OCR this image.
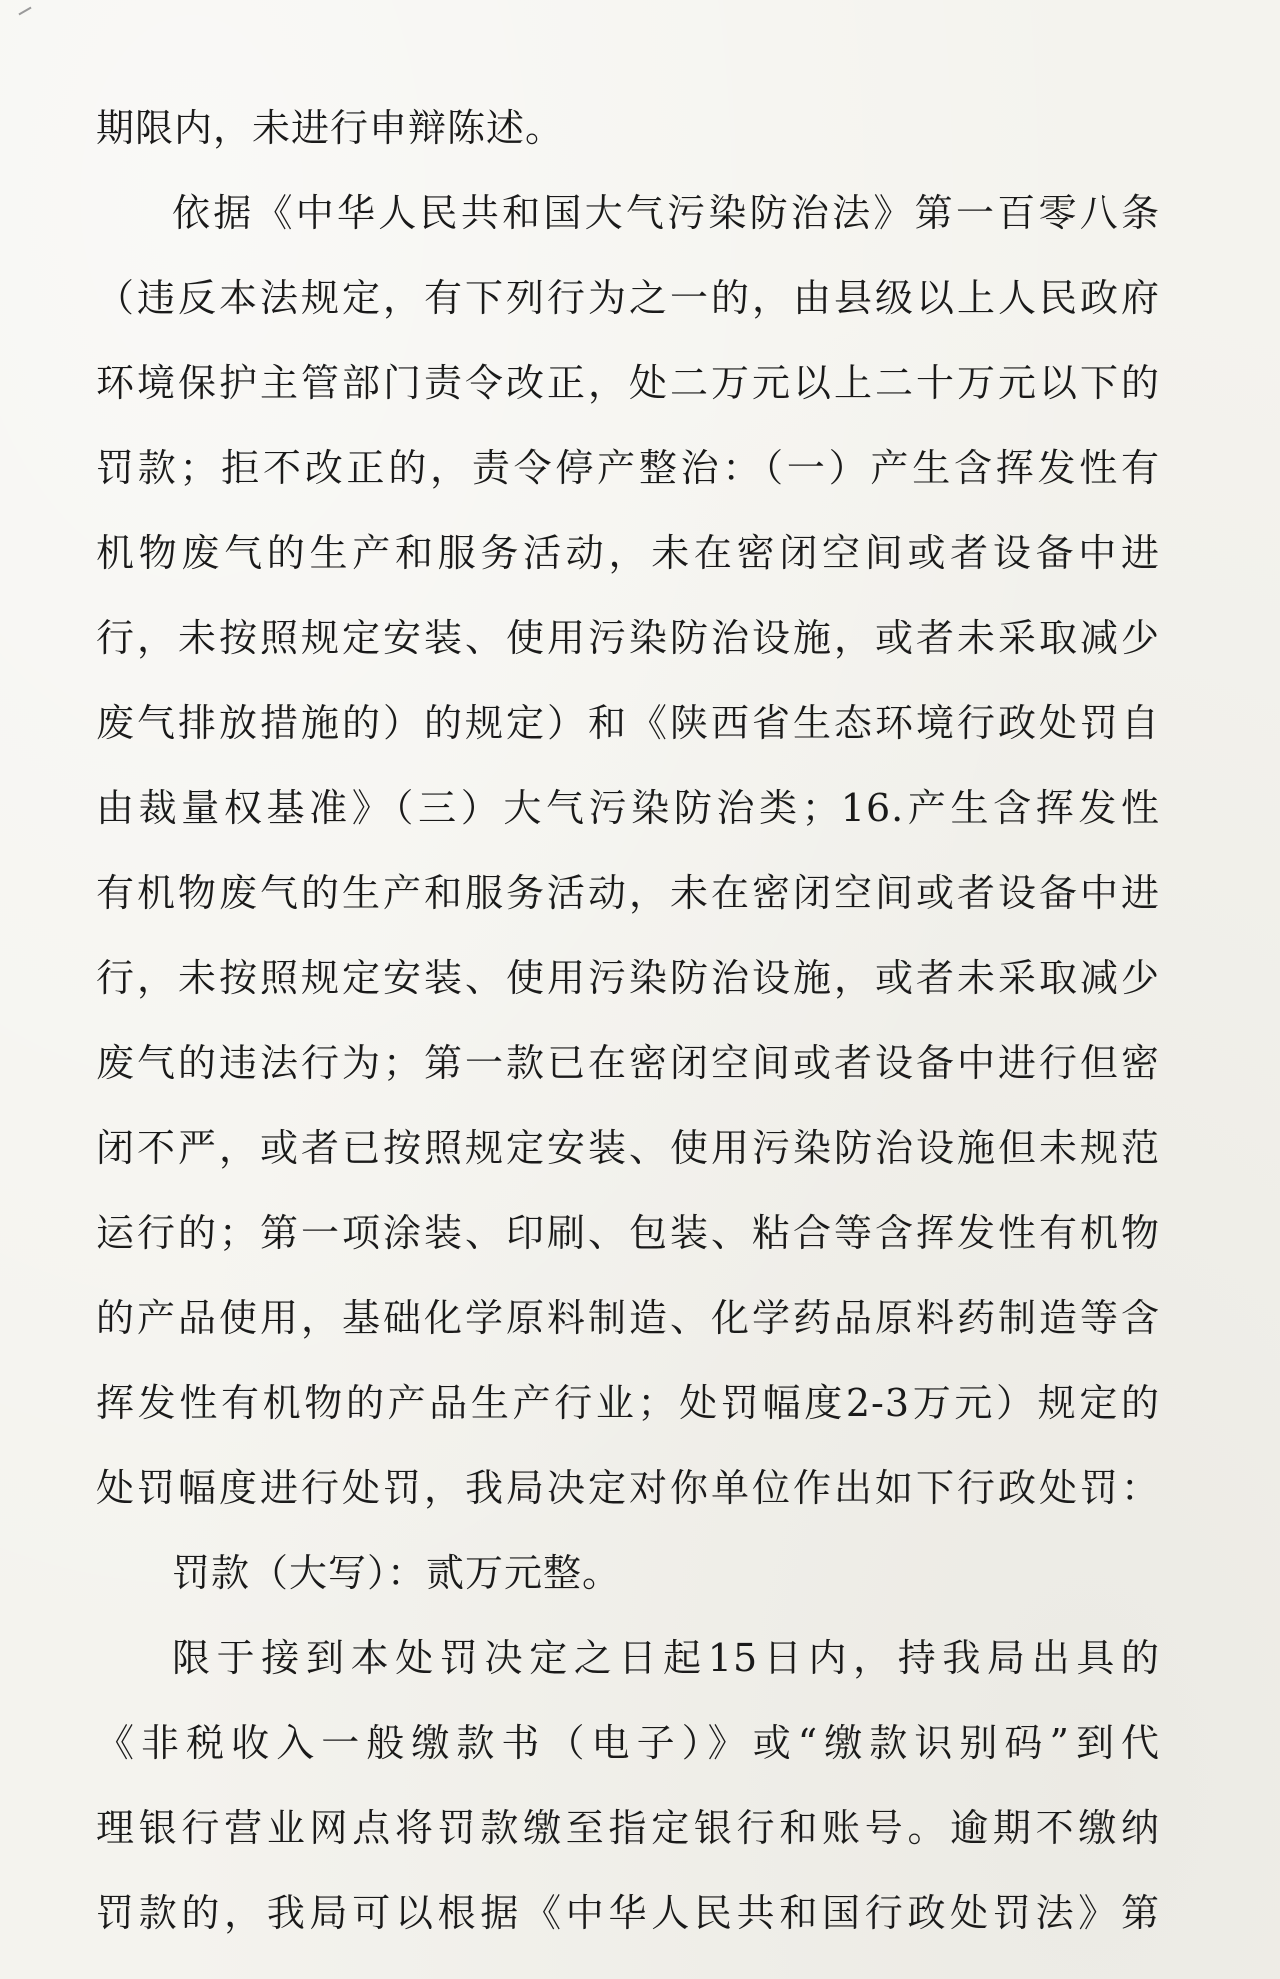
期限内，未进行申辩陈述。
依据《中华人民共和国大气污染防治法》第一百零八条
（违反本法规定，有下列行为之一的，由县级以上人民政府
环境保护主管部门责令改正，处二万元以上二十万元以下的
罚款；拒不改正的，责令停产整治：（一）产生含挥发性有
机物废气的生产和服务活动，未在密闭空间或者设备中进
行，未按照规定安装、使用污染防治设施，或者未采取减少
废气排放措施的）的规定）和《陕西省生态环境行政处罚自
由裁量权基准》（三）大气污染防治类；16.产生含挥发性
有机物废气的生产和服务活动，未在密闭空间或者设备中进
行，未按照规定安装、使用污染防治设施，或者未采取减少
废气的违法行为；第一款已在密闭空间或者设备中进行但密
闭不严，或者已按照规定安装、使用污染防治设施但未规范
运行的；第一项涂装、印刷、包装、粘合等含挥发性有机物
的产品使用，基础化学原料制造、化学药品原料药制造等含
挥发性有机物的产品生产行业；处罚幅度2-3万元）规定的
处罚幅度进行处罚，我局决定对你单位作出如下行政处罚：
罚款（大写）：贰万元整。
限于接到本处罚决定之日起15日内，持我局出具的
《非税收入一般缴款书（电子）》或“缴款识别码”到代
理银行营业网点将罚款缴至指定银行和账号。逾期不缴纳
罚款的，我局可以根据《中华人民共和国行政处罚法》第
